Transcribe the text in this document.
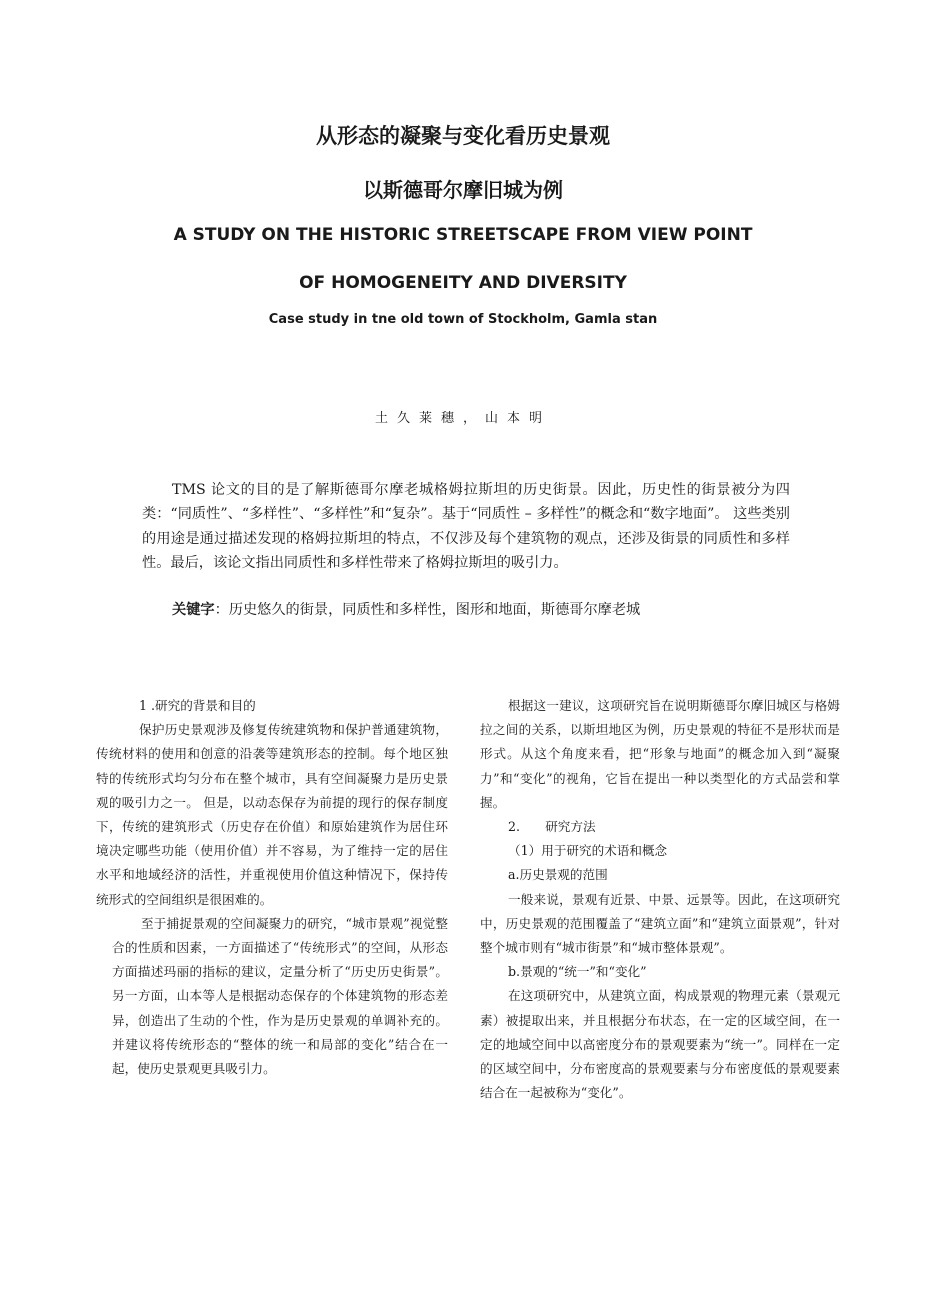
从形态的凝聚与变化看历史景观
以斯德哥尔摩旧城为例
A STUDY ON THE HISTORIC STREETSCAPE FROM VIEW POINT
OF HOMOGENEITY AND DIVERSITY
Case study in tne old town of Stockholm, Gamla stan
土久莱穗，山本明

TMS 论文的目的是了解斯德哥尔摩老城格姆拉斯坦的历史街景。因此，历史性的街景被分为四类：“同质性”、“多样性”、“多样性”和“复杂”。基于“同质性 – 多样性”的概念和“数字地面”。 这些类别的用途是通过描述发现的格姆拉斯坦的特点，不仅涉及每个建筑物的观点，还涉及街景的同质性和多样性。最后，该论文指出同质性和多样性带来了格姆拉斯坦的吸引力。

关键字：历史悠久的街景，同质性和多样性，图形和地面，斯德哥尔摩老城

1 .研究的背景和目的

保护历史景观涉及修复传统建筑物和保护普通建筑物，传统材料的使用和创意的沿袭等建筑形态的控制。每个地区独特的传统形式均匀分布在整个城市，具有空间凝聚力是历史景观的吸引力之一。 但是，以动态保存为前提的现行的保存制度下，传统的建筑形式（历史存在价值）和原始建筑作为居住环境决定哪些功能（使用价值）并不容易，为了维持一定的居住水平和地域经济的活性，并重视使用价值这种情况下，保持传统形式的空间组织是很困难的。

至于捕捉景观的空间凝聚力的研究，“城市景观”视觉整合的性质和因素，一方面描述了“传统形式”的空间，从形态方面描述玛丽的指标的建议，定量分析了“历史历史街景”。 另一方面，山本等人是根据动态保存的个体建筑物的形态差异，创造出了生动的个性，作为是历史景观的单调补充的。并建议将传统形态的“整体的统一和局部的变化”结合在一起，使历史景观更具吸引力。

根据这一建议，这项研究旨在说明斯德哥尔摩旧城区与格姆拉之间的关系，以斯坦地区为例，历史景观的特征不是形状而是形式。从这个角度来看，把“形象与地面”的概念加入到“凝聚力”和“变化”的视角，它旨在提出一种以类型化的方式品尝和掌握。

2.　　研究方法

（1）用于研究的术语和概念

a.历史景观的范围

一般来说，景观有近景、中景、远景等。因此，在这项研究中，历史景观的范围覆盖了“建筑立面”和“建筑立面景观”，针对整个城市则有“城市街景”和“城市整体景观”。

b.景观的“统一”和“变化”

在这项研究中，从建筑立面，构成景观的物理元素（景观元素）被提取出来，并且根据分布状态，在一定的区域空间，在一定的地域空间中以高密度分布的景观要素为“统一”。同样在一定的区域空间中，分布密度高的景观要素与分布密度低的景观要素结合在一起被称为“变化”。
